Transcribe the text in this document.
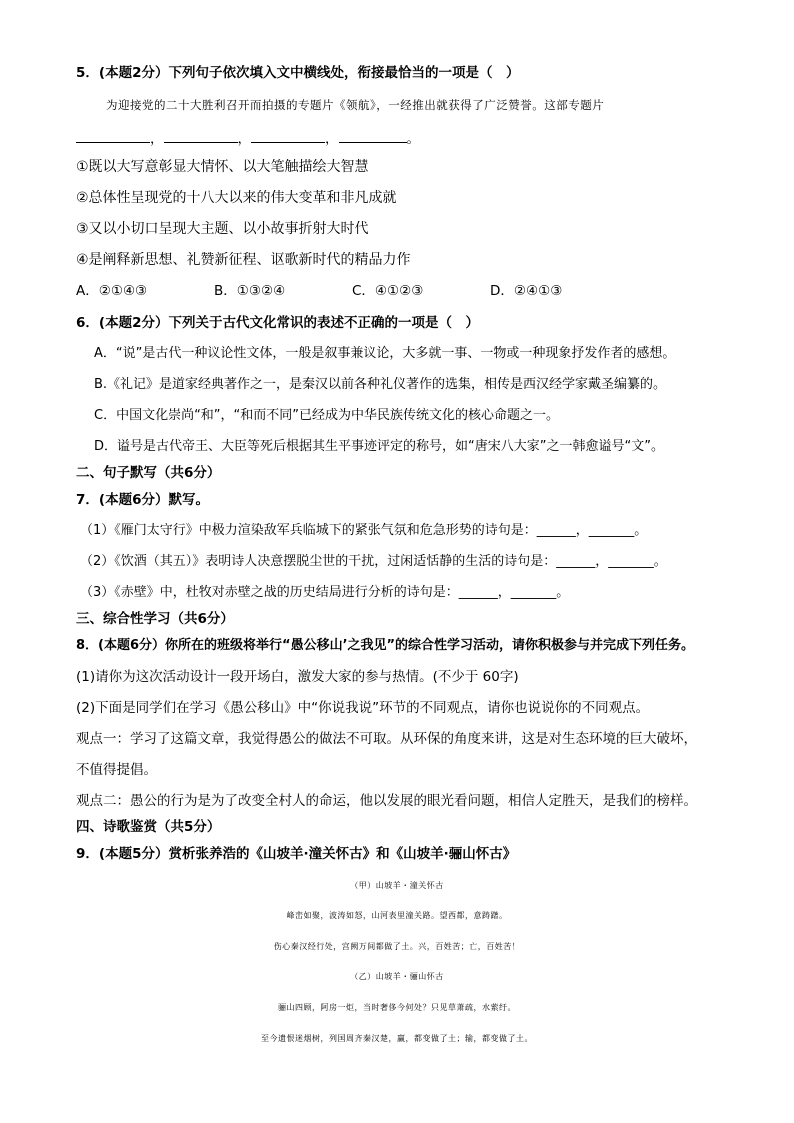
5．(本题2分）下列句子依次填入文中横线处，衔接最恰当的一项是（　）
为迎接党的二十大胜利召开而拍摄的专题片《领航》，一经推出就获得了广泛赞誉。这部专题片
，	，	，	。
①既以大写意彰显大情怀、以大笔触描绘大智慧
②总体性呈现党的十八大以来的伟大变革和非凡成就
③又以小切口呈现大主题、以小故事折射大时代
④是阐释新思想、礼赞新征程、讴歌新时代的精品力作
A．②①④③	B．①③②④	C．④①②③	D．②④①③
6．(本题2分）下列关于古代文化常识的表述不正确的一项是（　）
A．“说”是古代一种议论性文体，一般是叙事兼议论，大多就一事、一物或一种现象抒发作者的感想。
B.《礼记》是道家经典著作之一，是秦汉以前各种礼仪著作的选集，相传是西汉经学家戴圣编纂的。
C．中国文化崇尚“和”，“和而不同”已经成为中华民族传统文化的核心命题之一。
D．谥号是古代帝王、大臣等死后根据其生平事迹评定的称号，如“唐宋八大家”之一韩愈谥号“文”。
二、句子默写（共6分）
7．(本题6分）默写。
（1）《雁门太守行》中极力渲染敌军兵临城下的紧张气氛和危急形势的诗句是：______，_______。
（2）《饮酒（其五）》表明诗人决意摆脱尘世的干扰，过闲适恬静的生活的诗句是：______，_______。
（3）《赤壁》中，杜牧对赤壁之战的历史结局进行分析的诗句是：______，_______。
三、综合性学习（共6分）
8．(本题6分）你所在的班级将举行“愚公移山’之我见”的综合性学习活动，请你积极参与并完成下列任务。
(1)请你为这次活动设计一段开场白，激发大家的参与热情。(不少于 60字)
(2)下面是同学们在学习《愚公移山》中“你说我说”环节的不同观点，请你也说说你的不同观点。
观点一：学习了这篇文章，我觉得愚公的做法不可取。从环保的角度来讲，这是对生态环境的巨大破坏，
不值得提倡。
观点二：愚公的行为是为了改变全村人的命运，他以发展的眼光看问题，相信人定胜天，是我们的榜样。
四、诗歌鉴赏（共5分）
9．(本题5分）赏析张养浩的《山坡羊·潼关怀古》和《山坡羊·骊山怀古》
（甲）山坡羊・潼关怀古
峰峦如聚，波涛如怒，山河表里潼关路。望西都，意踌躇。
伤心秦汉经行处，宫阙万间都做了土。兴，百姓苦；亡，百姓苦！
（乙）山坡羊・骊山怀古
骊山四顾，阿房一炬，当时奢侈今何处？只见草萧疏，水萦纡。
至今遗恨迷烟树，列国周齐秦汉楚，赢，都变做了土；输，都变做了土。
